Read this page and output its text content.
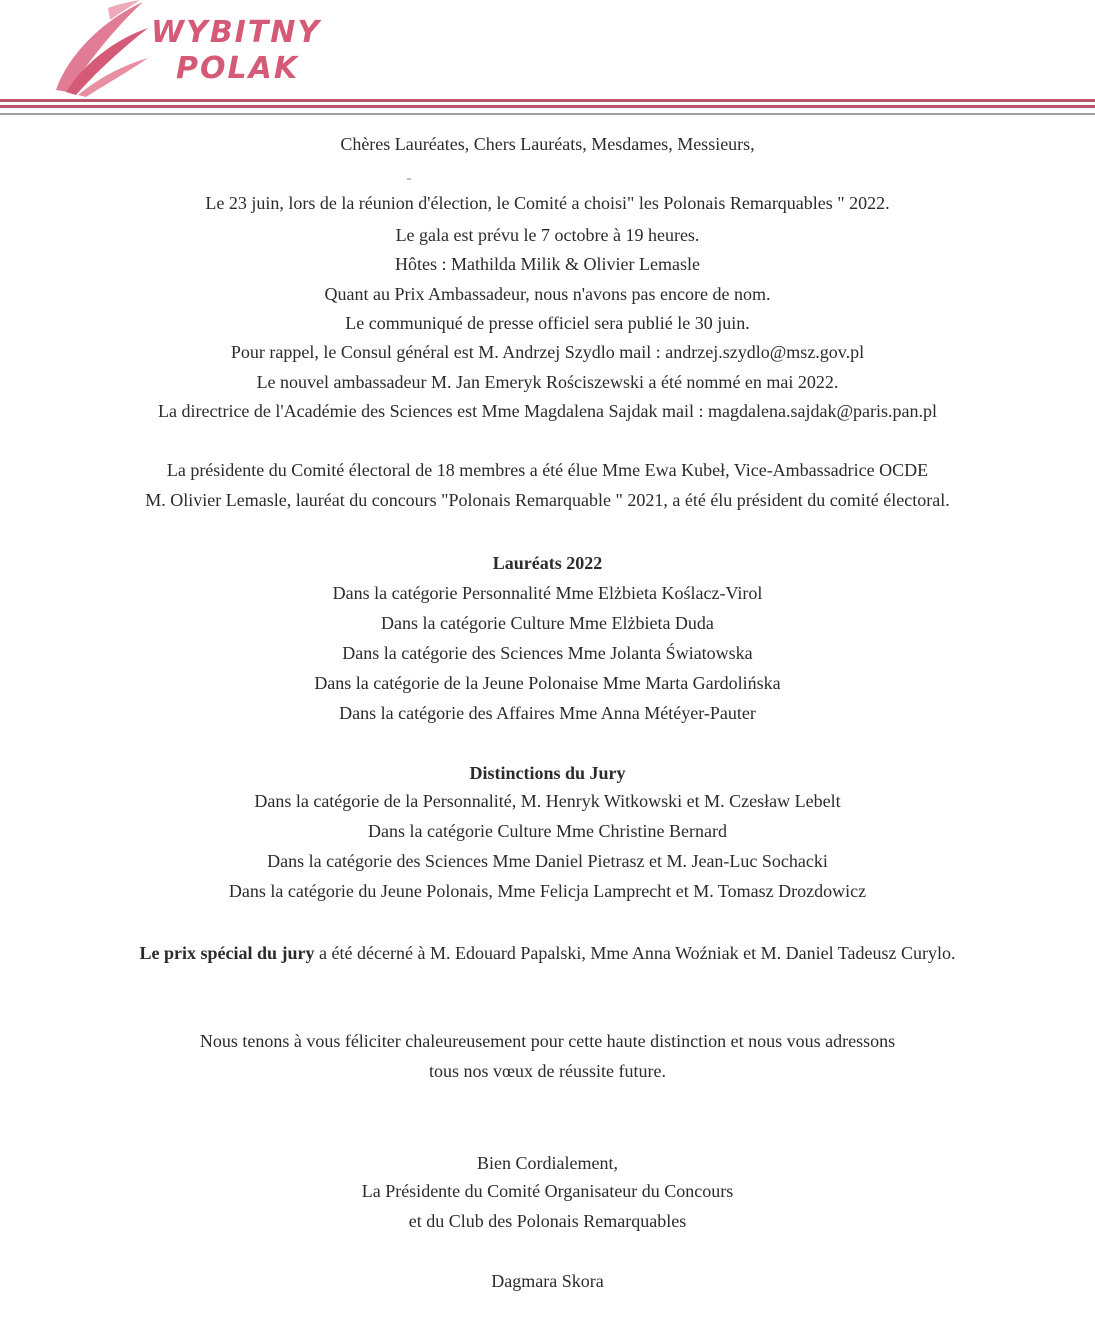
WYBITNY
POLAK
Chères Lauréates, Chers Lauréats, Mesdames, Messieurs,
Le 23 juin, lors de la réunion d'élection, le Comité a choisi" les Polonais Remarquables " 2022.
Le gala est prévu le 7 octobre à 19 heures.
Hôtes : Mathilda Milik & Olivier Lemasle
Quant au Prix Ambassadeur, nous n'avons pas encore de nom.
Le communiqué de presse officiel sera publié le 30 juin.
Pour rappel, le Consul général est M. Andrzej Szydlo mail : andrzej.szydlo@msz.gov.pl
Le nouvel ambassadeur M. Jan Emeryk Rościszewski a été nommé en mai 2022.
La directrice de l'Académie des Sciences est Mme Magdalena Sajdak mail : magdalena.sajdak@paris.pan.pl
La présidente du Comité électoral de 18 membres a été élue Mme Ewa Kubeł, Vice-Ambassadrice OCDE
M. Olivier Lemasle, lauréat du concours "Polonais Remarquable " 2021, a été élu président du comité électoral.
Lauréats 2022
Dans la catégorie Personnalité Mme Elżbieta Koślacz-Virol
Dans la catégorie Culture Mme Elżbieta Duda
Dans la catégorie des Sciences Mme Jolanta Światowska
Dans la catégorie de la Jeune Polonaise Mme Marta Gardolińska
Dans la catégorie des Affaires Mme Anna Météyer-Pauter
Distinctions du Jury
Dans la catégorie de la Personnalité, M. Henryk Witkowski et M. Czesław Lebelt
Dans la catégorie Culture Mme Christine Bernard
Dans la catégorie des Sciences Mme Daniel Pietrasz et M. Jean-Luc Sochacki
Dans la catégorie du Jeune Polonais, Mme Felicja Lamprecht et M. Tomasz Drozdowicz
Le prix spécial du jury a été décerné à M. Edouard Papalski, Mme Anna Woźniak et M. Daniel Tadeusz Curylo.
Nous tenons à vous féliciter chaleureusement pour cette haute distinction et nous vous adressons
tous nos vœux de réussite future.
Bien Cordialement,
La Présidente du Comité Organisateur du Concours
et du Club des Polonais Remarquables
Dagmara Skora
